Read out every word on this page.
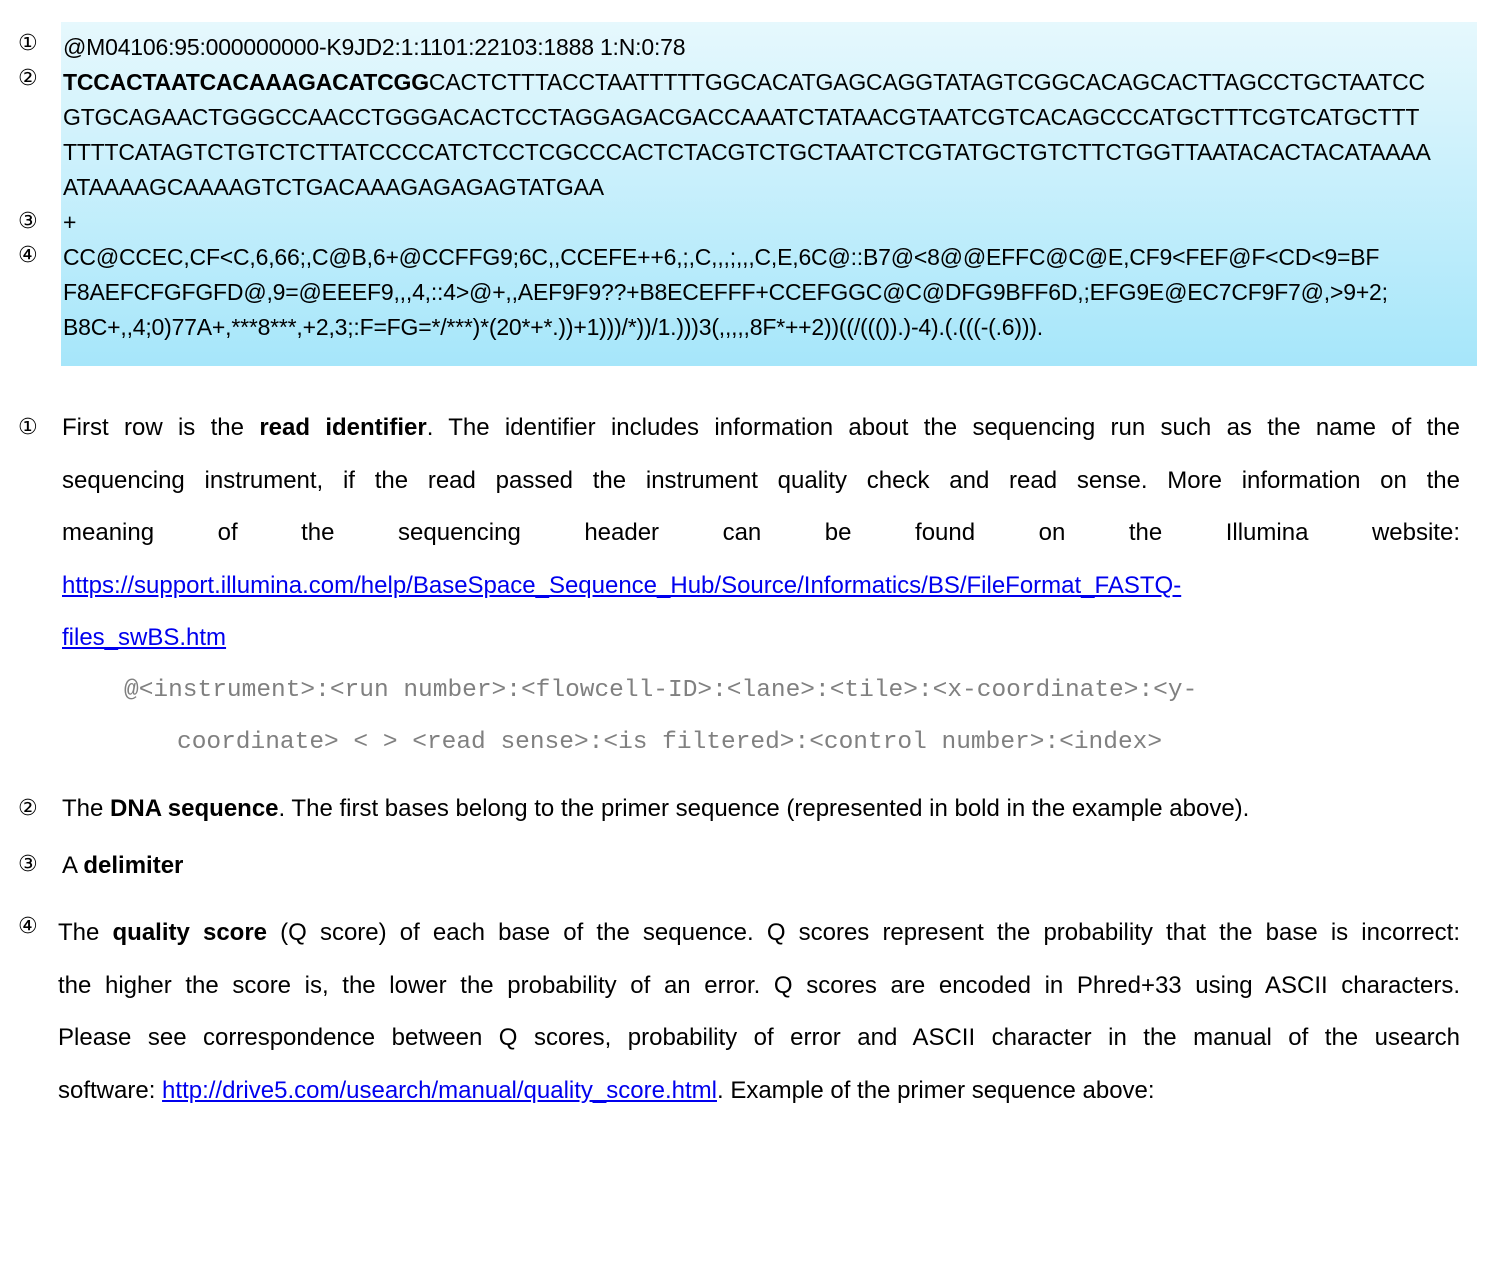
①
②
③
④
@M04106:95:000000000-K9JD2:1:1101:22103:1888 1:N:0:78
TCCACTAATCACAAAGACATCGGCACTCTTTACCTAATTTTTGGCACATGAGCAGGTATAGTCGGCACAGCACTTAGCCTGCTAATCC
GTGCAGAACTGGGCCAACCTGGGACACTCCTAGGAGACGACCAAATCTATAACGTAATCGTCACAGCCCATGCTTTCGTCATGCTTT
TTTTCATAGTCTGTCTCTTATCCCCATCTCCTCGCCCACTCTACGTCTGCTAATCTCGTATGCTGTCTTCTGGTTAATACACTACATAAAA
ATAAAAGCAAAAGTCTGACAAAGAGAGAGTATGAA
+
CC@CCEC,CF<C,6,66;,C@B,6+@CCFFG9;6C,,CCEFE++6,;,C,,,;,,,C,E,6C@::B7@<8@@EFFC@C@E,CF9<FEF@F<CD<9=BF
F8AEFCFGFGFD@,9=@EEEF9,,,4,::4>@+,,AEF9F9??+B8ECEFFF+CCEFGGC@C@DFG9BFF6D,;EFG9E@EC7CF9F7@,>9+2;
B8C+,,4;0)77A+,***8***,+2,3;:F=FG=*/***)*(20*+*.))+1)))/*))/1.)))3(,,,,,8F*++2))((/((()).)-4).(.(((-(.6))).
① First row is the read identifier. The identifier includes information about the sequencing run such as the name of the
sequencing instrument, if the read passed the instrument quality check and read sense. More information on the
meaning of the sequencing header can be found on the Illumina website:
https://support.illumina.com/help/BaseSpace_Sequence_Hub/Source/Informatics/BS/FileFormat_FASTQ-
files_swBS.htm
@<instrument>:<run number>:<flowcell-ID>:<lane>:<tile>:<x-coordinate>:<y-
coordinate> < > <read sense>:<is filtered>:<control number>:<index>
② The DNA sequence. The first bases belong to the primer sequence (represented in bold in the example above).
③ A delimiter
④ The quality score (Q score) of each base of the sequence. Q scores represent the probability that the base is incorrect:
the higher the score is, the lower the probability of an error. Q scores are encoded in Phred+33 using ASCII characters.
Please see correspondence between Q scores, probability of error and ASCII character in the manual of the usearch
software: http://drive5.com/usearch/manual/quality_score.html. Example of the primer sequence above:
